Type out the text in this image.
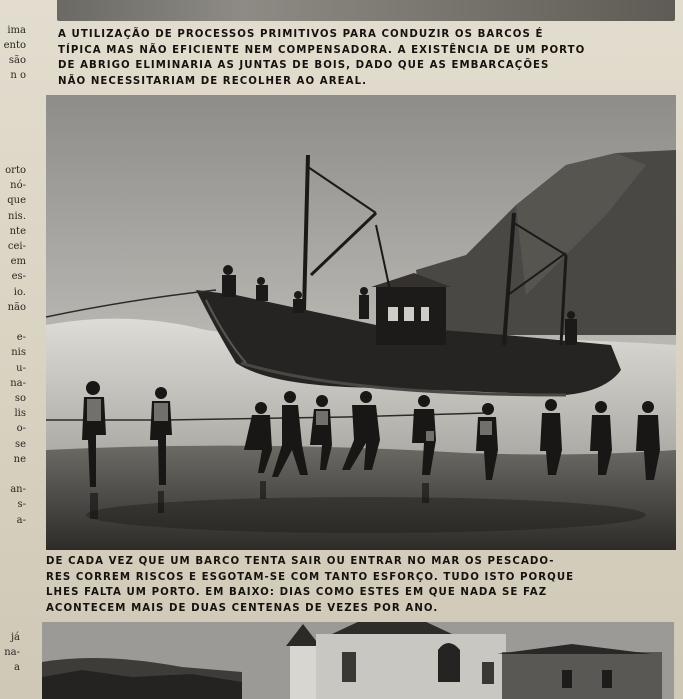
ima
ento
são
n o
orto
nó-
que
nis.
nte
cei-
em
es-
io.
não
e-
nis
u-
na-
so
lis
o-
se
ne
an-
s-
a-
já
na-
a
A UTILIZAÇÃO DE PROCESSOS PRIMITIVOS PARA CONDUZIR OS BARCOS É
TÍPICA MAS NÃO EFICIENTE NEM COMPENSADORA. A EXISTÊNCIA DE UM PORTO
DE ABRIGO ELIMINARIA AS JUNTAS DE BOIS, DADO QUE AS EMBARCAÇÕES
NÃO NECESSITARIAM DE RECOLHER AO AREAL.
DE CADA VEZ QUE UM BARCO TENTA SAIR OU ENTRAR NO MAR OS PESCADO-
RES CORREM RISCOS E ESGOTAM-SE COM TANTO ESFORÇO. TUDO ISTO PORQUE
LHES FALTA UM PORTO. EM BAIXO: DIAS COMO ESTES EM QUE NADA SE FAZ
ACONTECEM MAIS DE DUAS CENTENAS DE VEZES POR ANO.
